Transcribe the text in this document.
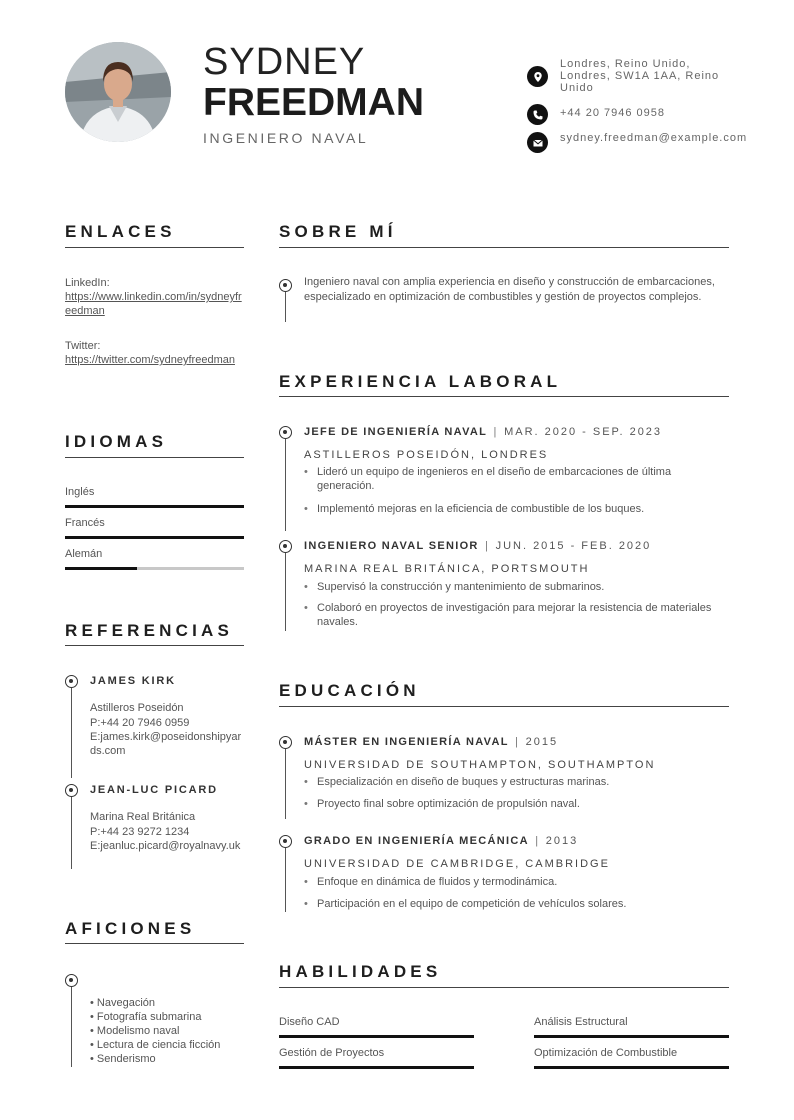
SYDNEY
FREEDMAN
INGENIERO NAVAL
Londres, Reino Unido, Londres, SW1A 1AA, Reino Unido
+44 20 7946 0958
sydney.freedman@example.com
ENLACES
LinkedIn:
https://www.linkedin.com/in/sydneyfreedman
Twitter:
https://twitter.com/sydneyfreedman
IDIOMAS
Inglés
Francés
Alemán
REFERENCIAS
JAMES KIRK
Astilleros Poseidón
P:+44 20 7946 0959
E:james.kirk@poseidonshipyards.com
JEAN-LUC PICARD
Marina Real Británica
P:+44 23 9272 1234
E:jeanluc.picard@royalnavy.uk
AFICIONES
• Navegación
• Fotografía submarina
• Modelismo naval
• Lectura de ciencia ficción
• Senderismo
SOBRE MÍ
Ingeniero naval con amplia experiencia en diseño y construcción de embarcaciones, especializado en optimización de combustibles y gestión de proyectos complejos.
EXPERIENCIA LABORAL
JEFE DE INGENIERÍA NAVAL | MAR. 2020 - SEP. 2023
ASTILLEROS POSEIDÓN, LONDRES
• Lideró un equipo de ingenieros en el diseño de embarcaciones de última generación.
• Implementó mejoras en la eficiencia de combustible de los buques.
INGENIERO NAVAL SENIOR | JUN. 2015 - FEB. 2020
MARINA REAL BRITÁNICA, PORTSMOUTH
• Supervisó la construcción y mantenimiento de submarinos.
• Colaboró en proyectos de investigación para mejorar la resistencia de materiales navales.
EDUCACIÓN
MÁSTER EN INGENIERÍA NAVAL | 2015
UNIVERSIDAD DE SOUTHAMPTON, SOUTHAMPTON
• Especialización en diseño de buques y estructuras marinas.
• Proyecto final sobre optimización de propulsión naval.
GRADO EN INGENIERÍA MECÁNICA | 2013
UNIVERSIDAD DE CAMBRIDGE, CAMBRIDGE
• Enfoque en dinámica de fluidos y termodinámica.
• Participación en el equipo de competición de vehículos solares.
HABILIDADES
Diseño CAD	Análisis Estructural
Gestión de Proyectos	Optimización de Combustible
